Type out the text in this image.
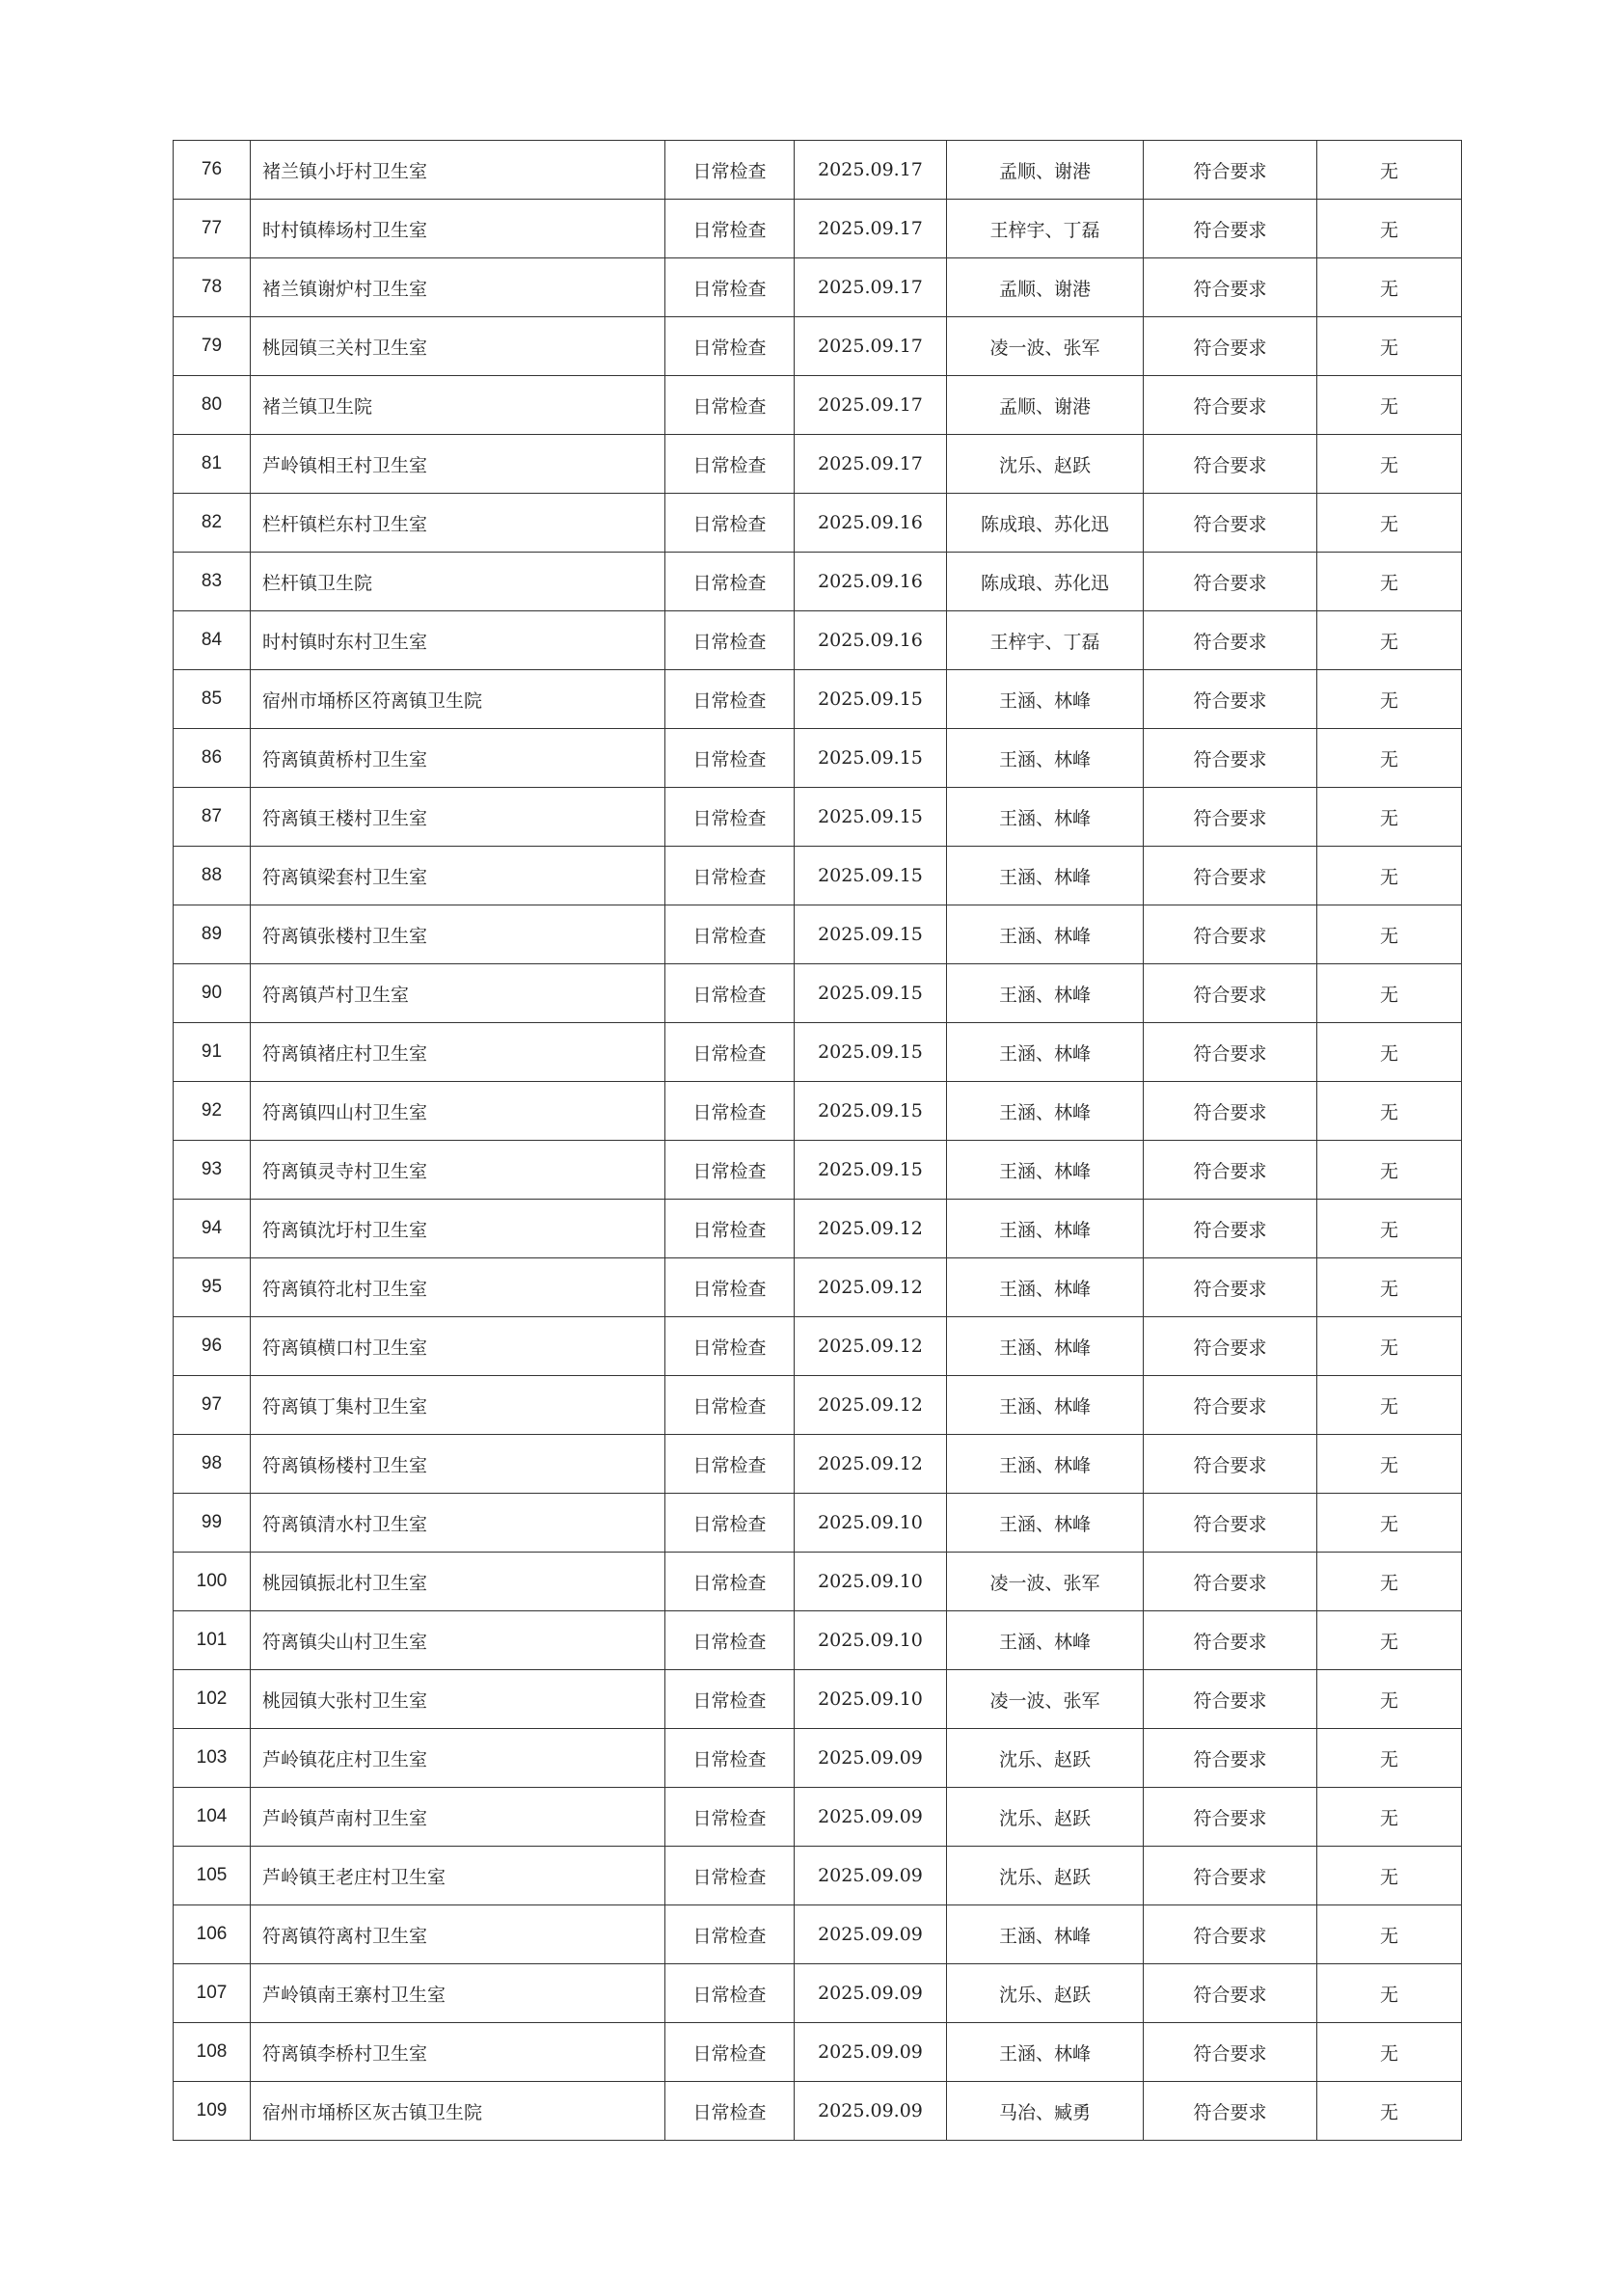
76	褚兰镇小圩村卫生室	日常检查	2025.09.17	孟顺、谢港	符合要求	无
77	时村镇棒场村卫生室	日常检查	2025.09.17	王梓宇、丁磊	符合要求	无
78	褚兰镇谢炉村卫生室	日常检查	2025.09.17	孟顺、谢港	符合要求	无
79	桃园镇三关村卫生室	日常检查	2025.09.17	凌一波、张军	符合要求	无
80	褚兰镇卫生院	日常检查	2025.09.17	孟顺、谢港	符合要求	无
81	芦岭镇相王村卫生室	日常检查	2025.09.17	沈乐、赵跃	符合要求	无
82	栏杆镇栏东村卫生室	日常检查	2025.09.16	陈成琅、苏化迅	符合要求	无
83	栏杆镇卫生院	日常检查	2025.09.16	陈成琅、苏化迅	符合要求	无
84	时村镇时东村卫生室	日常检查	2025.09.16	王梓宇、丁磊	符合要求	无
85	宿州市埇桥区符离镇卫生院	日常检查	2025.09.15	王涵、林峰	符合要求	无
86	符离镇黄桥村卫生室	日常检查	2025.09.15	王涵、林峰	符合要求	无
87	符离镇王楼村卫生室	日常检查	2025.09.15	王涵、林峰	符合要求	无
88	符离镇梁套村卫生室	日常检查	2025.09.15	王涵、林峰	符合要求	无
89	符离镇张楼村卫生室	日常检查	2025.09.15	王涵、林峰	符合要求	无
90	符离镇芦村卫生室	日常检查	2025.09.15	王涵、林峰	符合要求	无
91	符离镇褚庄村卫生室	日常检查	2025.09.15	王涵、林峰	符合要求	无
92	符离镇四山村卫生室	日常检查	2025.09.15	王涵、林峰	符合要求	无
93	符离镇灵寺村卫生室	日常检查	2025.09.15	王涵、林峰	符合要求	无
94	符离镇沈圩村卫生室	日常检查	2025.09.12	王涵、林峰	符合要求	无
95	符离镇符北村卫生室	日常检查	2025.09.12	王涵、林峰	符合要求	无
96	符离镇横口村卫生室	日常检查	2025.09.12	王涵、林峰	符合要求	无
97	符离镇丁集村卫生室	日常检查	2025.09.12	王涵、林峰	符合要求	无
98	符离镇杨楼村卫生室	日常检查	2025.09.12	王涵、林峰	符合要求	无
99	符离镇清水村卫生室	日常检查	2025.09.10	王涵、林峰	符合要求	无
100	桃园镇振北村卫生室	日常检查	2025.09.10	凌一波、张军	符合要求	无
101	符离镇尖山村卫生室	日常检查	2025.09.10	王涵、林峰	符合要求	无
102	桃园镇大张村卫生室	日常检查	2025.09.10	凌一波、张军	符合要求	无
103	芦岭镇花庄村卫生室	日常检查	2025.09.09	沈乐、赵跃	符合要求	无
104	芦岭镇芦南村卫生室	日常检查	2025.09.09	沈乐、赵跃	符合要求	无
105	芦岭镇王老庄村卫生室	日常检查	2025.09.09	沈乐、赵跃	符合要求	无
106	符离镇符离村卫生室	日常检查	2025.09.09	王涵、林峰	符合要求	无
107	芦岭镇南王寨村卫生室	日常检查	2025.09.09	沈乐、赵跃	符合要求	无
108	符离镇李桥村卫生室	日常检查	2025.09.09	王涵、林峰	符合要求	无
109	宿州市埇桥区灰古镇卫生院	日常检查	2025.09.09	马冶、臧勇	符合要求	无
